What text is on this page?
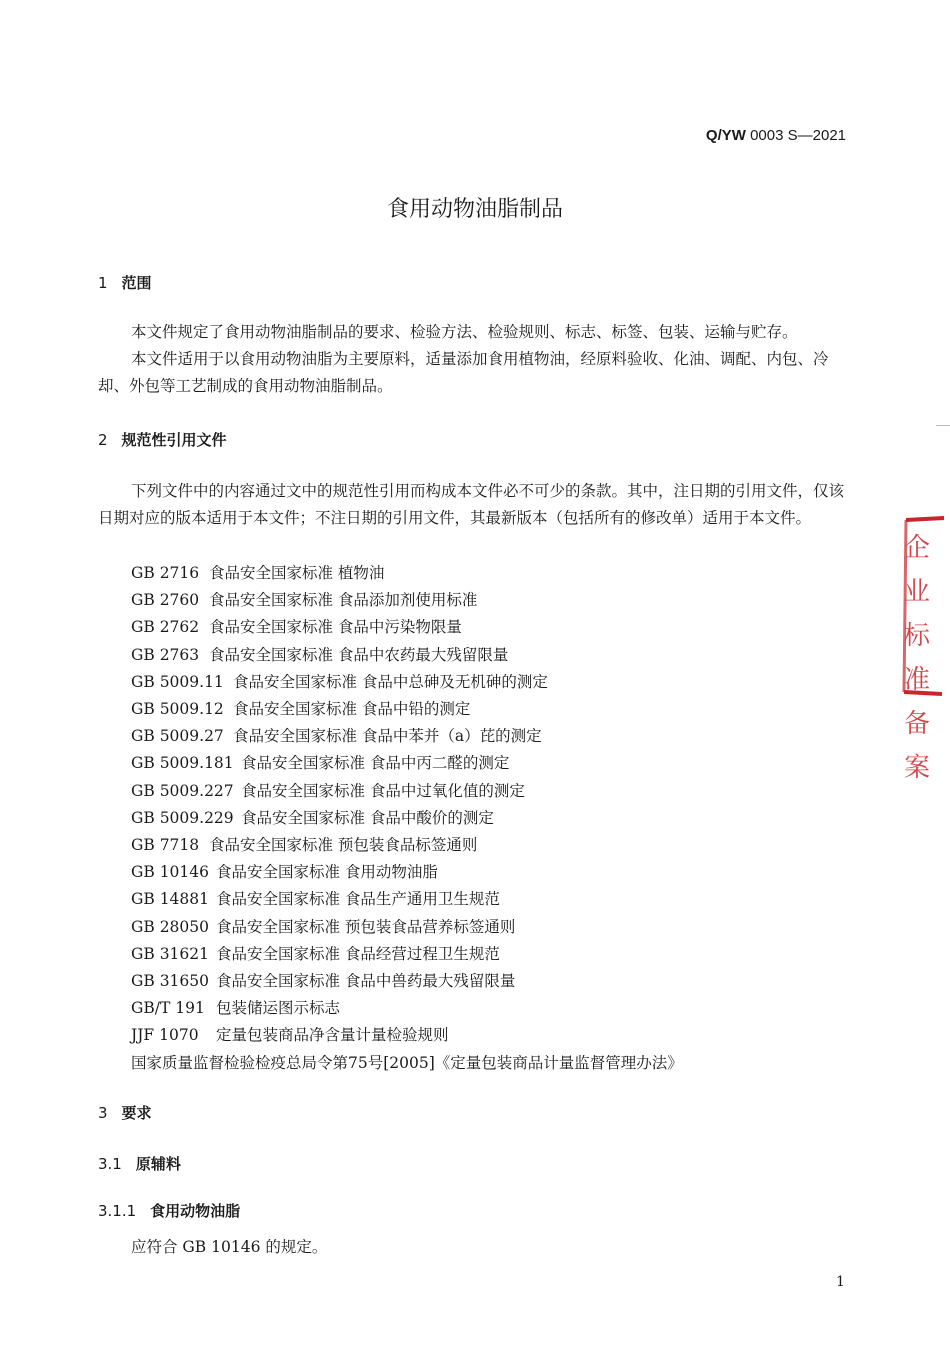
Q/YW 0003 S—2021
食用动物油脂制品
1 范围

本文件规定了食用动物油脂制品的要求、检验方法、检验规则、标志、标签、包装、运输与贮存。

本文件适用于以食用动物油脂为主要原料，适量添加食用植物油，经原料验收、化油、调配、内包、冷却、外包等工艺制成的食用动物油脂制品。

2 规范性引用文件

下列文件中的内容通过文中的规范性引用而构成本文件必不可少的条款。其中，注日期的引用文件，仅该日期对应的版本适用于本文件；不注日期的引用文件，其最新版本（包括所有的修改单）适用于本文件。

GB 2716 食品安全国家标准 植物油
GB 2760 食品安全国家标准 食品添加剂使用标准
GB 2762 食品安全国家标准 食品中污染物限量
GB 2763 食品安全国家标准 食品中农药最大残留限量
GB 5009.11 食品安全国家标准 食品中总砷及无机砷的测定
GB 5009.12 食品安全国家标准 食品中铅的测定
GB 5009.27 食品安全国家标准 食品中苯并（a）芘的测定
GB 5009.181 食品安全国家标准 食品中丙二醛的测定
GB 5009.227 食品安全国家标准 食品中过氧化值的测定
GB 5009.229 食品安全国家标准 食品中酸价的测定
GB 7718 食品安全国家标准 预包装食品标签通则
GB 10146 食品安全国家标准 食用动物油脂
GB 14881 食品安全国家标准 食品生产通用卫生规范
GB 28050 食品安全国家标准 预包装食品营养标签通则
GB 31621 食品安全国家标准 食品经营过程卫生规范
GB 31650 食品安全国家标准 食品中兽药最大残留限量
GB/T 191 包装储运图示标志
JJF 1070 定量包装商品净含量计量检验规则
国家质量监督检验检疫总局令第75号[2005]《定量包装商品计量监督管理办法》
3 要求
3.1 原辅料
3.1.1 食用动物油脂

应符合 GB 10146 的规定。

1
企业标准备案
